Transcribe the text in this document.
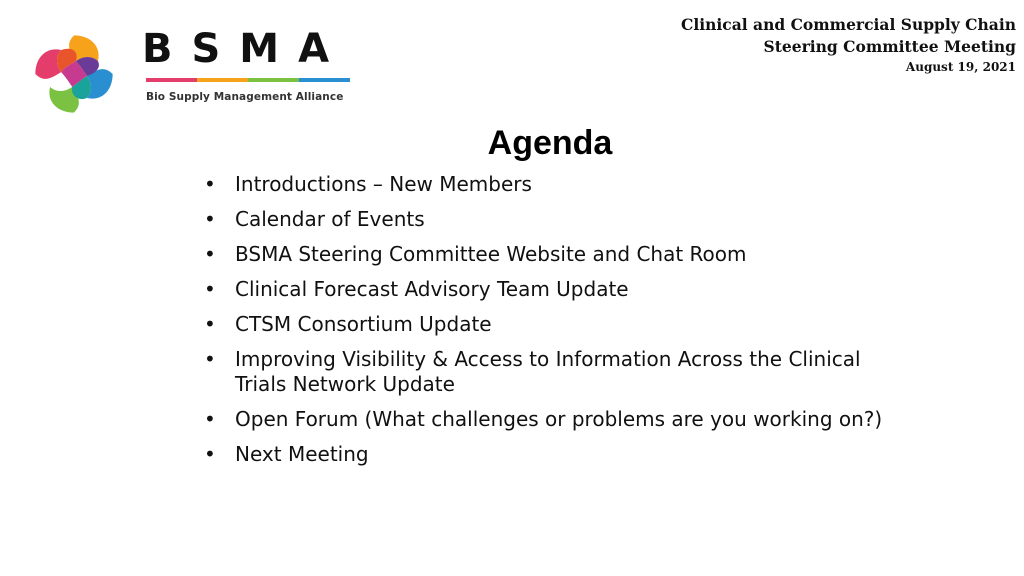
BSMA
Bio Supply Management Alliance
Clinical and Commercial Supply Chain
Steering Committee Meeting
August 19, 2021
Agenda
• Introductions – New Members
• Calendar of Events
• BSMA Steering Committee Website and Chat Room
• Clinical Forecast Advisory Team Update
• CTSM Consortium Update
• Improving Visibility & Access to Information Across the Clinical Trials Network Update
• Open Forum (What challenges or problems are you working on?)
• Next Meeting
